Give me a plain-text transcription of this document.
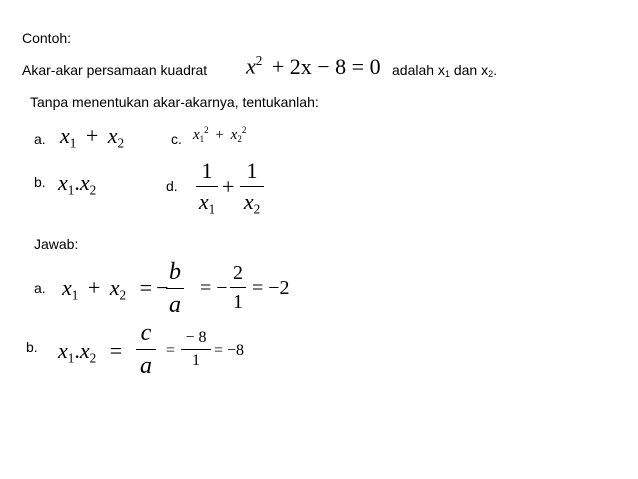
Contoh:
Akar-akar persamaan kuadrat $x^2 + 2x - 8 = 0$ adalah x1 dan x2.
Tanpa menentukan akar-akarnya, tentukanlah:
a. $x_1 + x_2$	c. $x_1^2 + x_2^2$
b. $x_1.x_2$	d.
1
$x_1$
+
1
$x_2$
Jawab:
a. $x_1 + x_2$ = −
b
a
= −
2
1
= −2
b. $x_1.x_2$ =
c
a
=
− 8
1
= −8
